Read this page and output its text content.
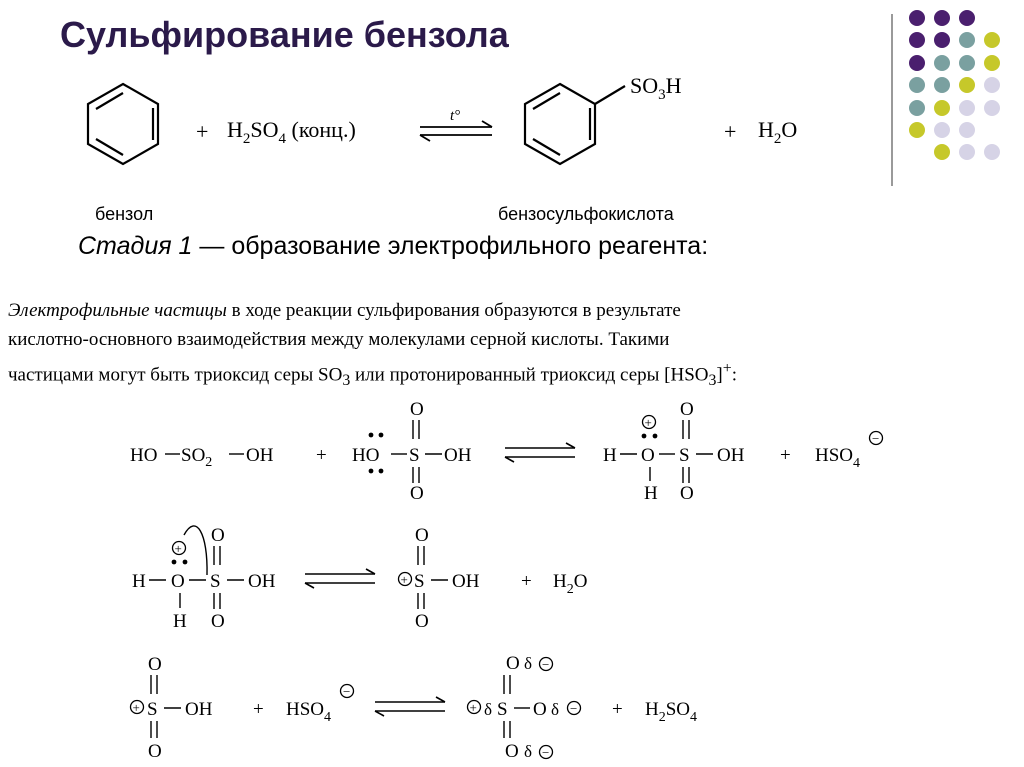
Сульфирование бензола
+ $H_2SO_4$ (конц.)
t°
$SO_3H$
+ $H_2O$
бензол	бензосульфокислота
Стадия 1 — образование электрофильного реагента:
Электрофильные частицы в ходе реакции сульфирования образуются в результате
кислотно-основного взаимодействия между молекулами серной кислоты. Такими
частицами могут быть триоксид серы $SO_3$ или протонированный триоксид серы $[HSO_3]^+$:
HO $SO_2$ OH + HO S
O
O
OH	H O
+
H
S
O
O
OH + $HSO_4$
−
H O
+
H
S
O
O
OH	+ S
O
O
OH + $H_2O$
+ S
O
O
OH + $HSO_4$
−
+ δ S
O δ −
O δ −
O δ −
+ $H_2SO_4$
